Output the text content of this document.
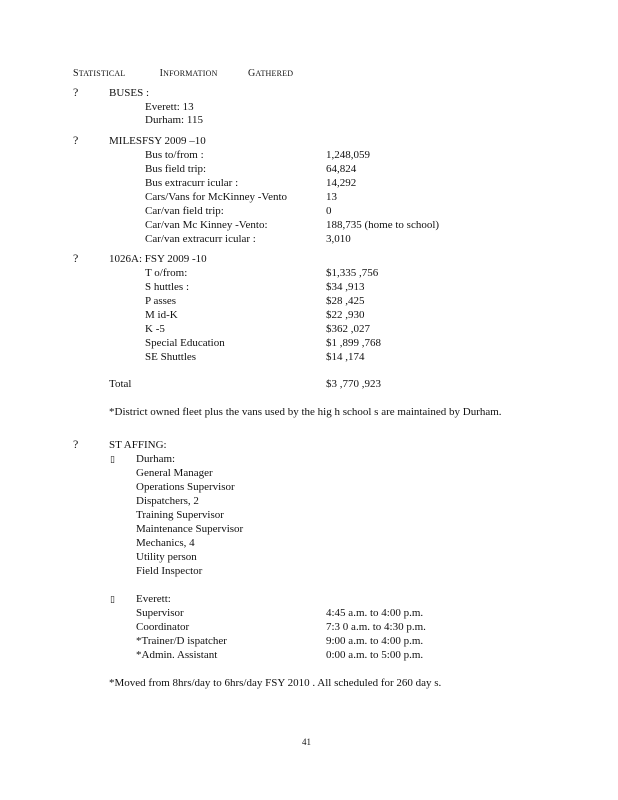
STATISTICAL	INFORMATION	GATHERED
?	BUSES :
Everett: 13
Durham: 115
?	MILESFSY 2009 –10
Bus to/from :	1,248,059
Bus field trip:	64,824
Bus extracurr icular :	14,292
Cars/Vans for McKinney -Vento	13
Car/van field trip:	0
Car/van Mc Kinney -Vento:	188,735 (home to school)
Car/van extracurr icular :	3,010
?	1026A: FSY 2009 -10
T o/from:	$1,335 ,756
S huttles :	$34 ,913
P asses	$28 ,425
M id-K	$22 ,930
K -5	$362 ,027
Special Education	$1 ,899 ,768
SE Shuttles	$14 ,174
Total	$3 ,770 ,923
*District owned fleet plus the vans used by the hig h school s are maintained by Durham.
?	ST AFFING:
▯ Durham:
General Manager
Operations Supervisor
Dispatchers, 2
Training Supervisor
Maintenance Supervisor
Mechanics, 4
Utility person
Field Inspector
▯ Everett:
Supervisor	4:45 a.m. to 4:00 p.m.
Coordinator	7:3 0 a.m. to 4:30 p.m.
*Trainer/D ispatcher	9:00 a.m. to 4:00 p.m.
*Admin. Assistant	0:00 a.m. to 5:00 p.m.
*Moved from 8hrs/day to 6hrs/day FSY 2010 . All scheduled for 260 day s.
41
